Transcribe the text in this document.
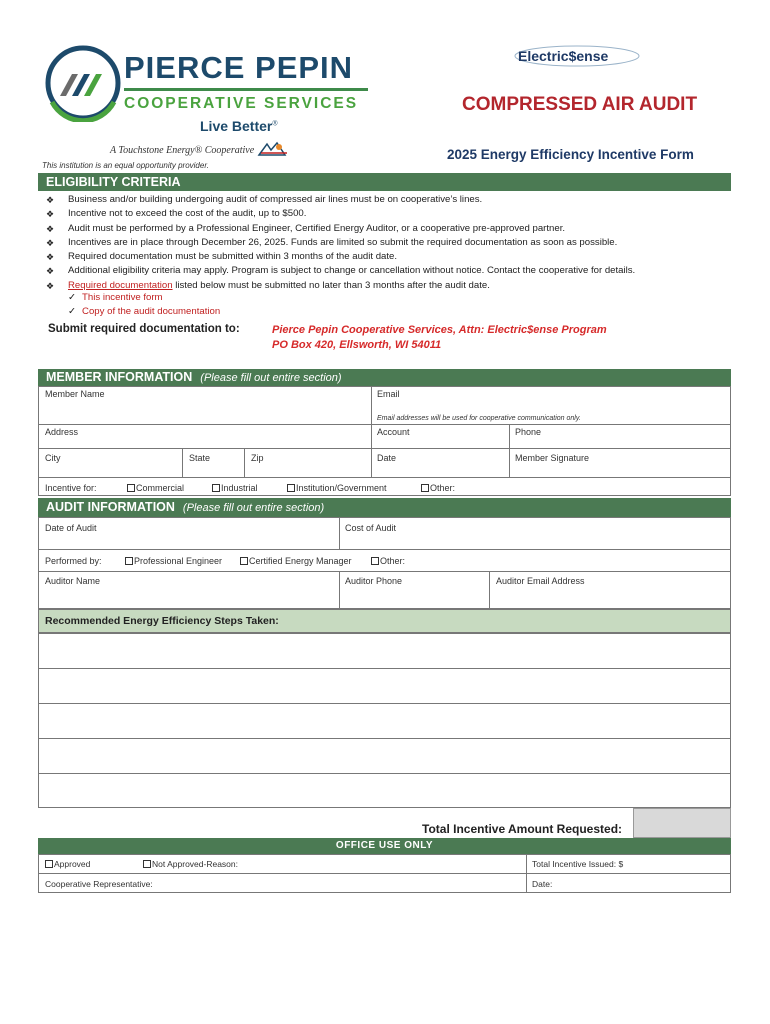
PIERCE PEPIN
COOPERATIVE SERVICES
Live Better®
A Touchstone Energy® Cooperative
Electric$ense
COMPRESSED AIR AUDIT
2025 Energy Efficiency Incentive Form
This institution is an equal opportunity provider.
ELIGIBILITY CRITERIA
❖ Business and/or building undergoing audit of compressed air lines must be on cooperative’s lines.
❖ Incentive not to exceed the cost of the audit, up to $500.
❖ Audit must be performed by a Professional Engineer, Certified Energy Auditor, or a cooperative pre-approved partner.
❖ Incentives are in place through December 26, 2025. Funds are limited so submit the required documentation as soon as possible.
❖ Required documentation must be submitted within 3 months of the audit date.
❖ Additional eligibility criteria may apply. Program is subject to change or cancellation without notice. Contact the cooperative for details.
❖ Required documentation listed below must be submitted no later than 3 months after the audit date.
✓ This incentive form
✓ Copy of the audit documentation
Submit required documentation to:	Pierce Pepin Cooperative Services, Attn: Electric$ense Program
PO Box 420, Ellsworth, WI 54011
MEMBER INFORMATION (Please fill out entire section)
Member Name	Email
Email addresses will be used for cooperative communication only.
Address	Account	Phone
City	State	Zip	Date	Member Signature
Incentive for:	Commercial	Industrial	Institution/Government	Other:
AUDIT INFORMATION (Please fill out entire section)
Date of Audit	Cost of Audit
Performed by:	Professional Engineer	Certified Energy Manager	Other:
Auditor Name	Auditor Phone	Auditor Email Address
Recommended Energy Efficiency Steps Taken:
Total Incentive Amount Requested:
OFFICE USE ONLY
Approved	Not Approved-Reason:	Total Incentive Issued: $
Cooperative Representative:	Date:
